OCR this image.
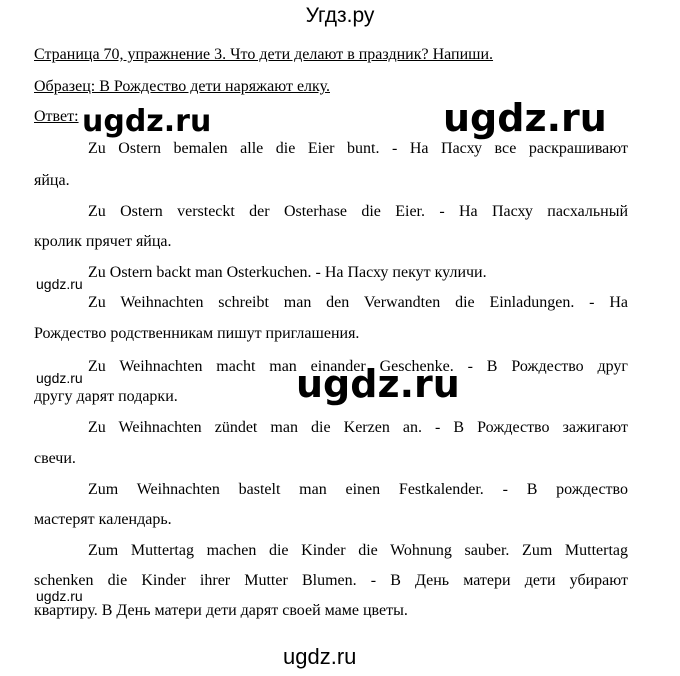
Угдз.ру
Страница 70, упражнение 3. Что дети делают в праздник? Напиши.
Образец: В Рождество дети наряжают елку.
Ответ:
Zu Ostern bemalen alle die Eier bunt. - На Пасху все раскрашивают
яйца.
Zu Ostern versteckt der Osterhase die Eier. - На Пасху пасхальный
кролик прячет яйца.
Zu Ostern backt man Osterkuchen. - На Пасху пекут куличи.
Zu Weihnachten schreibt man den Verwandten die Einladungen. - На
Рождество родственникам пишут приглашения.
Zu Weihnachten macht man einander Geschenke. - В Рождество друг
другу дарят подарки.
Zu Weihnachten zündet man die Kerzen an. - В Рождество зажигают
свечи.
Zum Weihnachten bastelt man einen Festkalender. - В рождество
мастерят календарь.
Zum Muttertag machen die Kinder die Wohnung sauber. Zum Muttertag
schenken die Kinder ihrer Mutter Blumen. - В День матери дети убирают
квартиру. В День матери дети дарят своей маме цветы.
ugdz.ru	ugdz.ru
ugdz.ru
ugdz.ru
ugdz.ru
ugdz.ru
ugdz.ru
